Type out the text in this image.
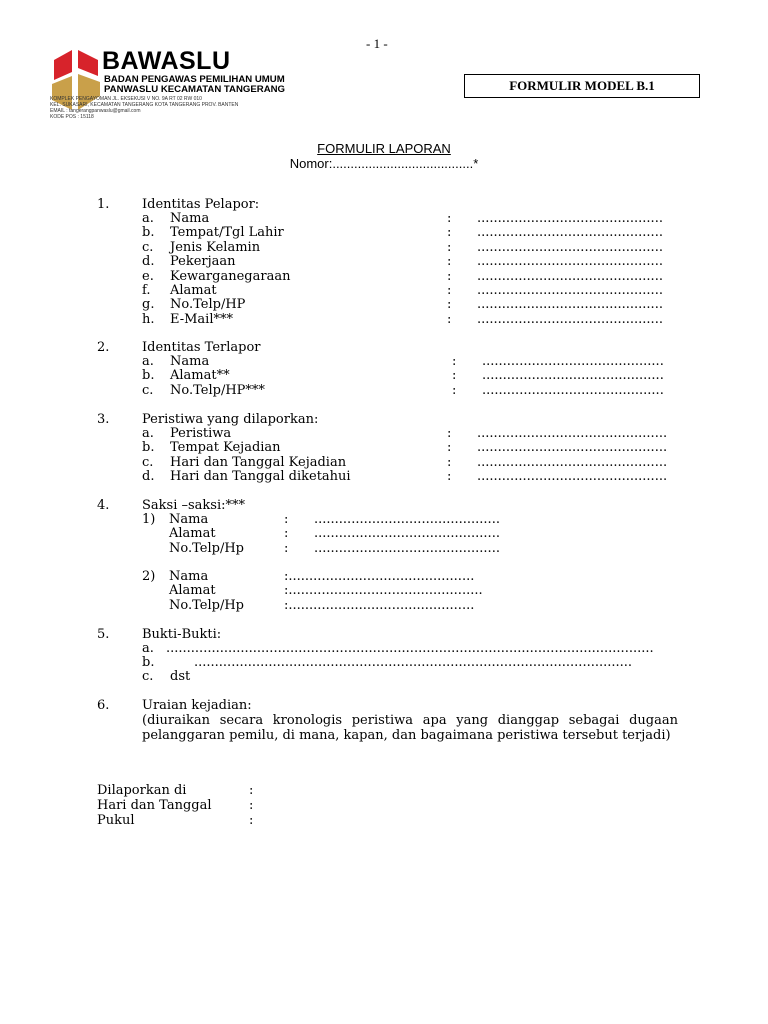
- 1 -
BAWASLU
BADAN PENGAWAS PEMILIHAN UMUM
PANWASLU KECAMATAN TANGERANG
KOMPLEK PENGAYOMAN JL. EKSEKUSI V NO. 9A RT 02 RW 010
KEL. SUKASARI, KECAMATAN TANGERANG KOTA TANGERANG PROV. BANTEN
EMAIL : tangerangpanwaslu@gmail.com
KODE POS : 15118
FORMULIR MODEL B.1
FORMULIR LAPORAN
Nomor:.......................................*
1.	Identitas Pelapor:
a. Nama	: .............................................
b. Tempat/Tgl Lahir	: .............................................
c. Jenis Kelamin	: .............................................
d. Pekerjaan	: .............................................
e. Kewarganegaraan	: .............................................
f. Alamat	: .............................................
g. No.Telp/HP	: .............................................
h. E-Mail***	: .............................................
2.	Identitas Terlapor
a. Nama	: ............................................
b. Alamat**	: ............................................
c. No.Telp/HP***	: ............................................
3.	Peristiwa yang dilaporkan:
a. Peristiwa	: ..............................................
b. Tempat Kejadian	: ..............................................
c. Hari dan Tanggal Kejadian	: ..............................................
d. Hari dan Tanggal diketahui	: ..............................................
4.	Saksi –saksi:***
1) Nama	: .............................................
Alamat	: .............................................
No.Telp/Hp	: .............................................
2) Nama	:.............................................
Alamat	:...............................................
No.Telp/Hp	:.............................................
5.	Bukti-Bukti:
a. ......................................................................................................................
b.	..........................................................................................................
c. dst
6.	Uraian kejadian:
(diuraikan secara kronologis peristiwa apa yang dianggap sebagai dugaan pelanggaran pemilu, di mana, kapan, dan bagaimana peristiwa tersebut terjadi)
Dilaporkan di	:
Hari dan Tanggal	:
Pukul	:
